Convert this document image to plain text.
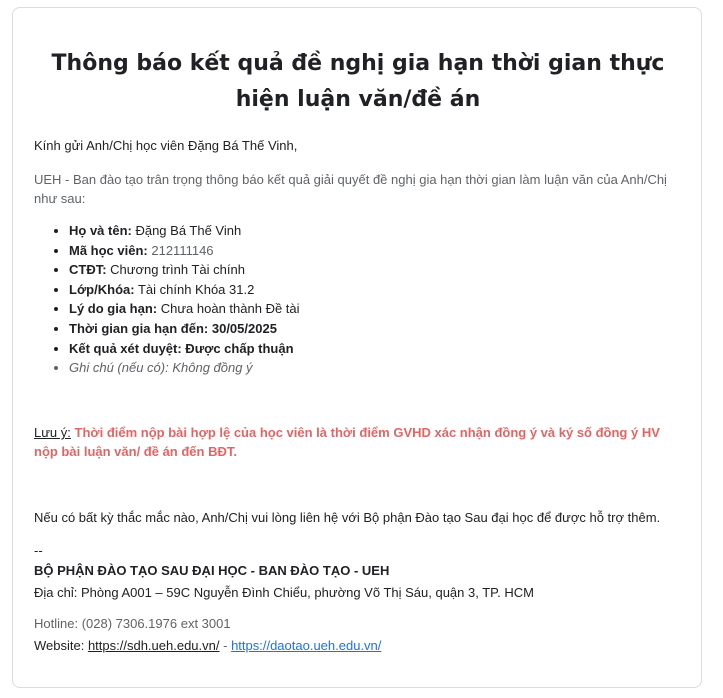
Thông báo kết quả đề nghị gia hạn thời gian thực hiện luận văn/đề án

Kính gửi Anh/Chị học viên Đặng Bá Thế Vinh,

UEH - Ban đào tạo trân trọng thông báo kết quả giải quyết đề nghị gia hạn thời gian làm luận văn của Anh/Chị như sau:

• Họ và tên: Đặng Bá Thế Vinh
• Mã học viên: 212111146
• CTĐT: Chương trình Tài chính
• Lớp/Khóa: Tài chính Khóa 31.2
• Lý do gia hạn: Chưa hoàn thành Đề tài
• Thời gian gia hạn đến: 30/05/2025
• Kết quả xét duyệt: Được chấp thuận
• Ghi chú (nếu có): Không đồng ý

Lưu ý: Thời điểm nộp bài hợp lệ của học viên là thời điểm GVHD xác nhận đồng ý và ký số đồng ý HV nộp bài luận văn/ đề án đến BĐT.

Nếu có bất kỳ thắc mắc nào, Anh/Chị vui lòng liên hệ với Bộ phận Đào tạo Sau đại học để được hỗ trợ thêm.

--

BỘ PHẬN ĐÀO TẠO SAU ĐẠI HỌC - BAN ĐÀO TẠO - UEH

Địa chỉ: Phòng A001 – 59C Nguyễn Đình Chiểu, phường Võ Thị Sáu, quận 3, TP. HCM

Hotline: (028) 7306.1976 ext 3001

Website: https://sdh.ueh.edu.vn/ - https://daotao.ueh.edu.vn/
